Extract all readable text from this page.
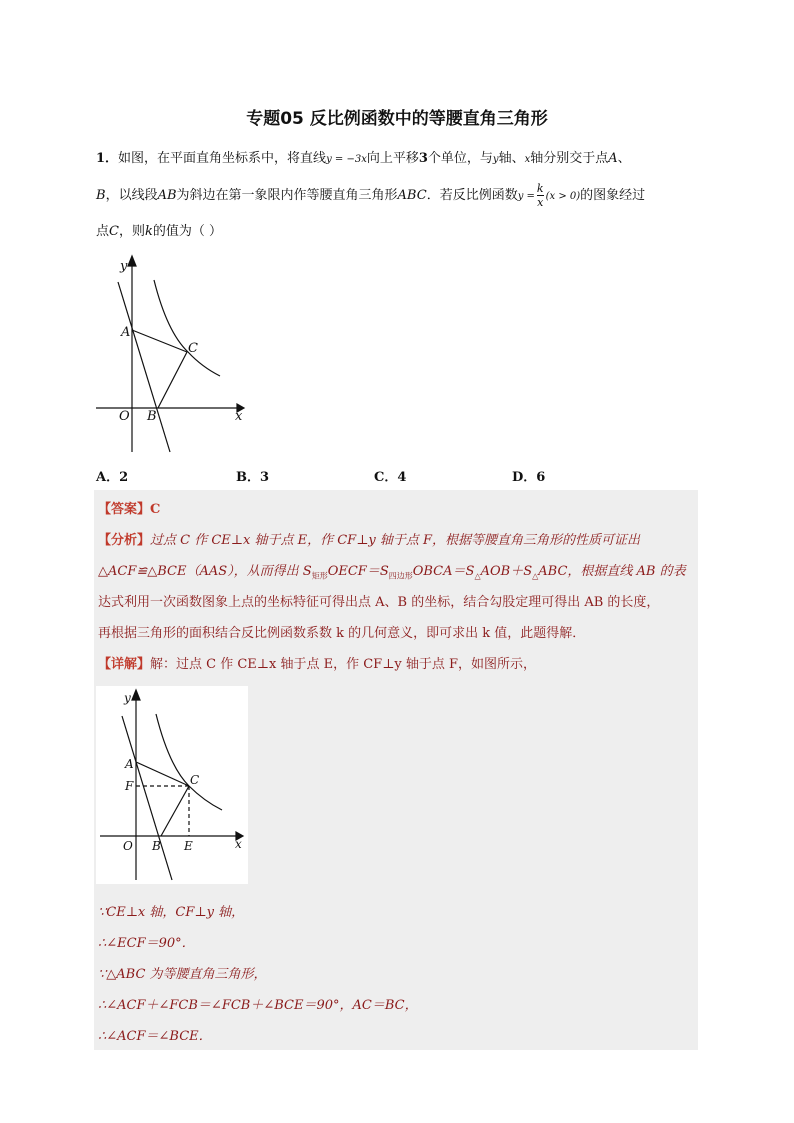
专题05 反比例函数中的等腰直角三角形
1．如图，在平面直角坐标系中，将直线y = −3x向上平移3个单位，与y轴、x轴分别交于点A、
B，以线段AB为斜边在第一象限内作等腰直角三角形ABC．若反比例函数$y = \frac{k}{x} (x > 0)$的图象经过
点C，则k的值为（ ）
y
x
A
B
C
O
A．2	B．3	C．4	D．6
【答案】C
【分析】过点 C 作 CE⊥x 轴于点 E，作 CF⊥y 轴于点 F，根据等腰直角三角形的性质可证出
△ACF≌△BCE（AAS），从而得出 $S_{矩形}OECF=S_{四边形}OBCA=S_\triangle AOB+S_\triangle ABC$，根据直线 AB 的表
达式利用一次函数图象上点的坐标特征可得出点 A、B 的坐标，结合勾股定理可得出 AB 的长度，
再根据三角形的面积结合反比例函数系数 k 的几何意义，即可求出 k 值，此题得解．
【详解】解：过点 C 作 CE⊥x 轴于点 E，作 CF⊥y 轴于点 F，如图所示，
y
x
A
F
B
C
E
O
∵CE⊥x 轴，CF⊥y 轴，
∴∠ECF＝90°．
∵△ABC 为等腰直角三角形，
∴∠ACF＋∠FCB＝∠FCB＋∠BCE＝90°，AC＝BC，
∴∠ACF＝∠BCE．
